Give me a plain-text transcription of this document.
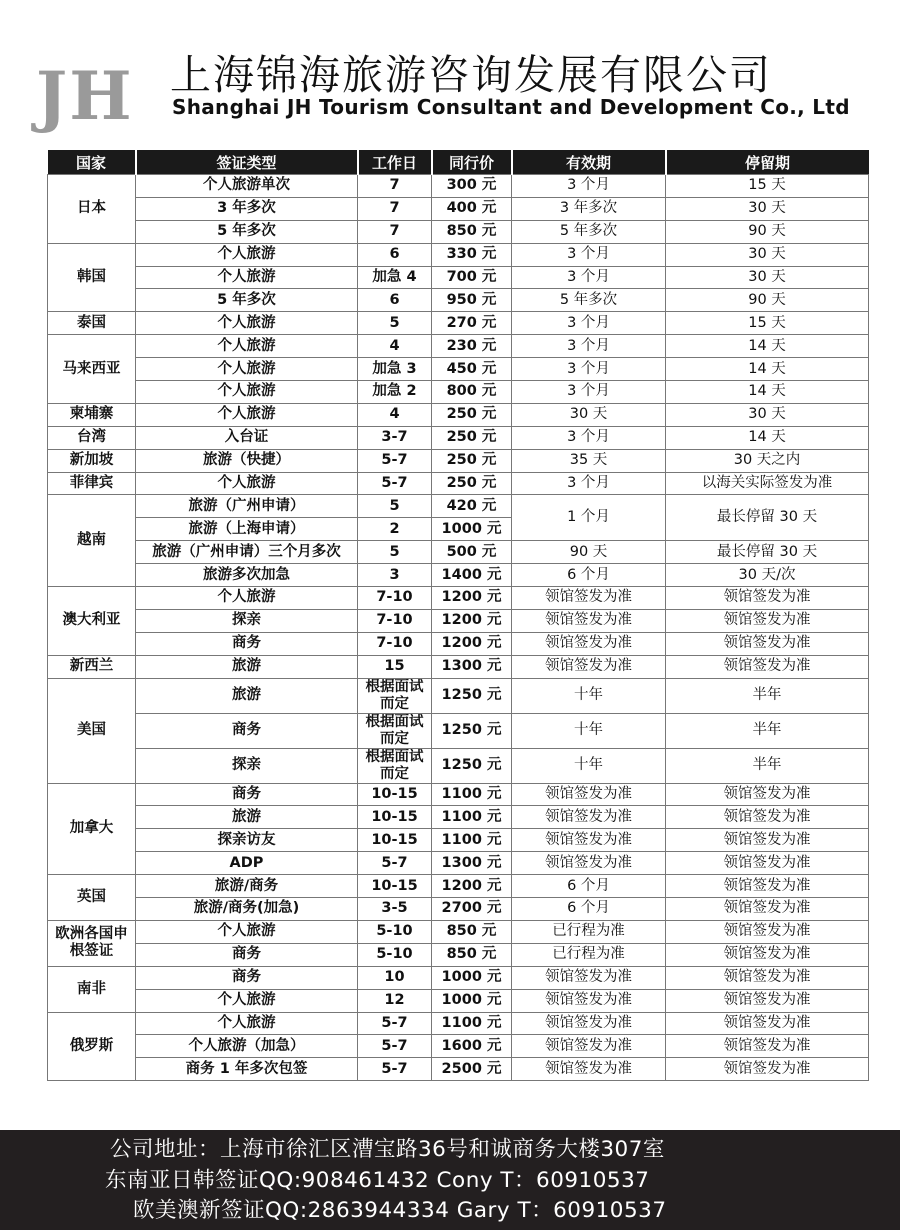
JH 上海锦海旅游咨询发展有限公司
Shanghai JH Tourism Consultant and Development Co., Ltd
国家	签证类型	工作日	同行价	有效期	停留期
日本	个人旅游单次	7	300 元	3 个月	15 天
	3 年多次	7	400 元	3 年多次	30 天
	5 年多次	7	850 元	5 年多次	90 天
韩国	个人旅游	6	330 元	3 个月	30 天
	个人旅游	加急 4	700 元	3 个月	30 天
	5 年多次	6	950 元	5 年多次	90 天
泰国	个人旅游	5	270 元	3 个月	15 天
马来西亚	个人旅游	4	230 元	3 个月	14 天
	个人旅游	加急 3	450 元	3 个月	14 天
	个人旅游	加急 2	800 元	3 个月	14 天
柬埔寨	个人旅游	4	250 元	30 天	30 天
台湾	入台证	3-7	250 元	3 个月	14 天
新加坡	旅游（快捷）	5-7	250 元	35 天	30 天之内
菲律宾	个人旅游	5-7	250 元	3 个月	以海关实际签发为准
越南	旅游（广州申请）	5	420 元	1 个月	最长停留 30 天
	旅游（上海申请）	2	1000 元		
	旅游（广州申请）三个月多次	5	500 元	90 天	最长停留 30 天
	旅游多次加急	3	1400 元	6 个月	30 天/次
澳大利亚	个人旅游	7-10	1200 元	领馆签发为准	领馆签发为准
	探亲	7-10	1200 元	领馆签发为准	领馆签发为准
	商务	7-10	1200 元	领馆签发为准	领馆签发为准
新西兰	旅游	15	1300 元	领馆签发为准	领馆签发为准
美国	旅游	根据面试而定	1250 元	十年	半年
	商务	根据面试而定	1250 元	十年	半年
	探亲	根据面试而定	1250 元	十年	半年
加拿大	商务	10-15	1100 元	领馆签发为准	领馆签发为准
	旅游	10-15	1100 元	领馆签发为准	领馆签发为准
	探亲访友	10-15	1100 元	领馆签发为准	领馆签发为准
	ADP	5-7	1300 元	领馆签发为准	领馆签发为准
英国	旅游/商务	10-15	1200 元	6 个月	领馆签发为准
	旅游/商务(加急)	3-5	2700 元	6 个月	领馆签发为准
欧洲各国申根签证	个人旅游	5-10	850 元	已行程为准	领馆签发为准
	商务	5-10	850 元	已行程为准	领馆签发为准
南非	商务	10	1000 元	领馆签发为准	领馆签发为准
	个人旅游	12	1000 元	领馆签发为准	领馆签发为准
俄罗斯	个人旅游	5-7	1100 元	领馆签发为准	领馆签发为准
	个人旅游（加急）	5-7	1600 元	领馆签发为准	领馆签发为准
	商务 1 年多次包签	5-7	2500 元	领馆签发为准	领馆签发为准
公司地址：上海市徐汇区漕宝路36号和诚商务大楼307室
东南亚日韩签证QQ:908461432 Cony T：60910537
欧美澳新签证QQ:2863944334 Gary T：60910537
